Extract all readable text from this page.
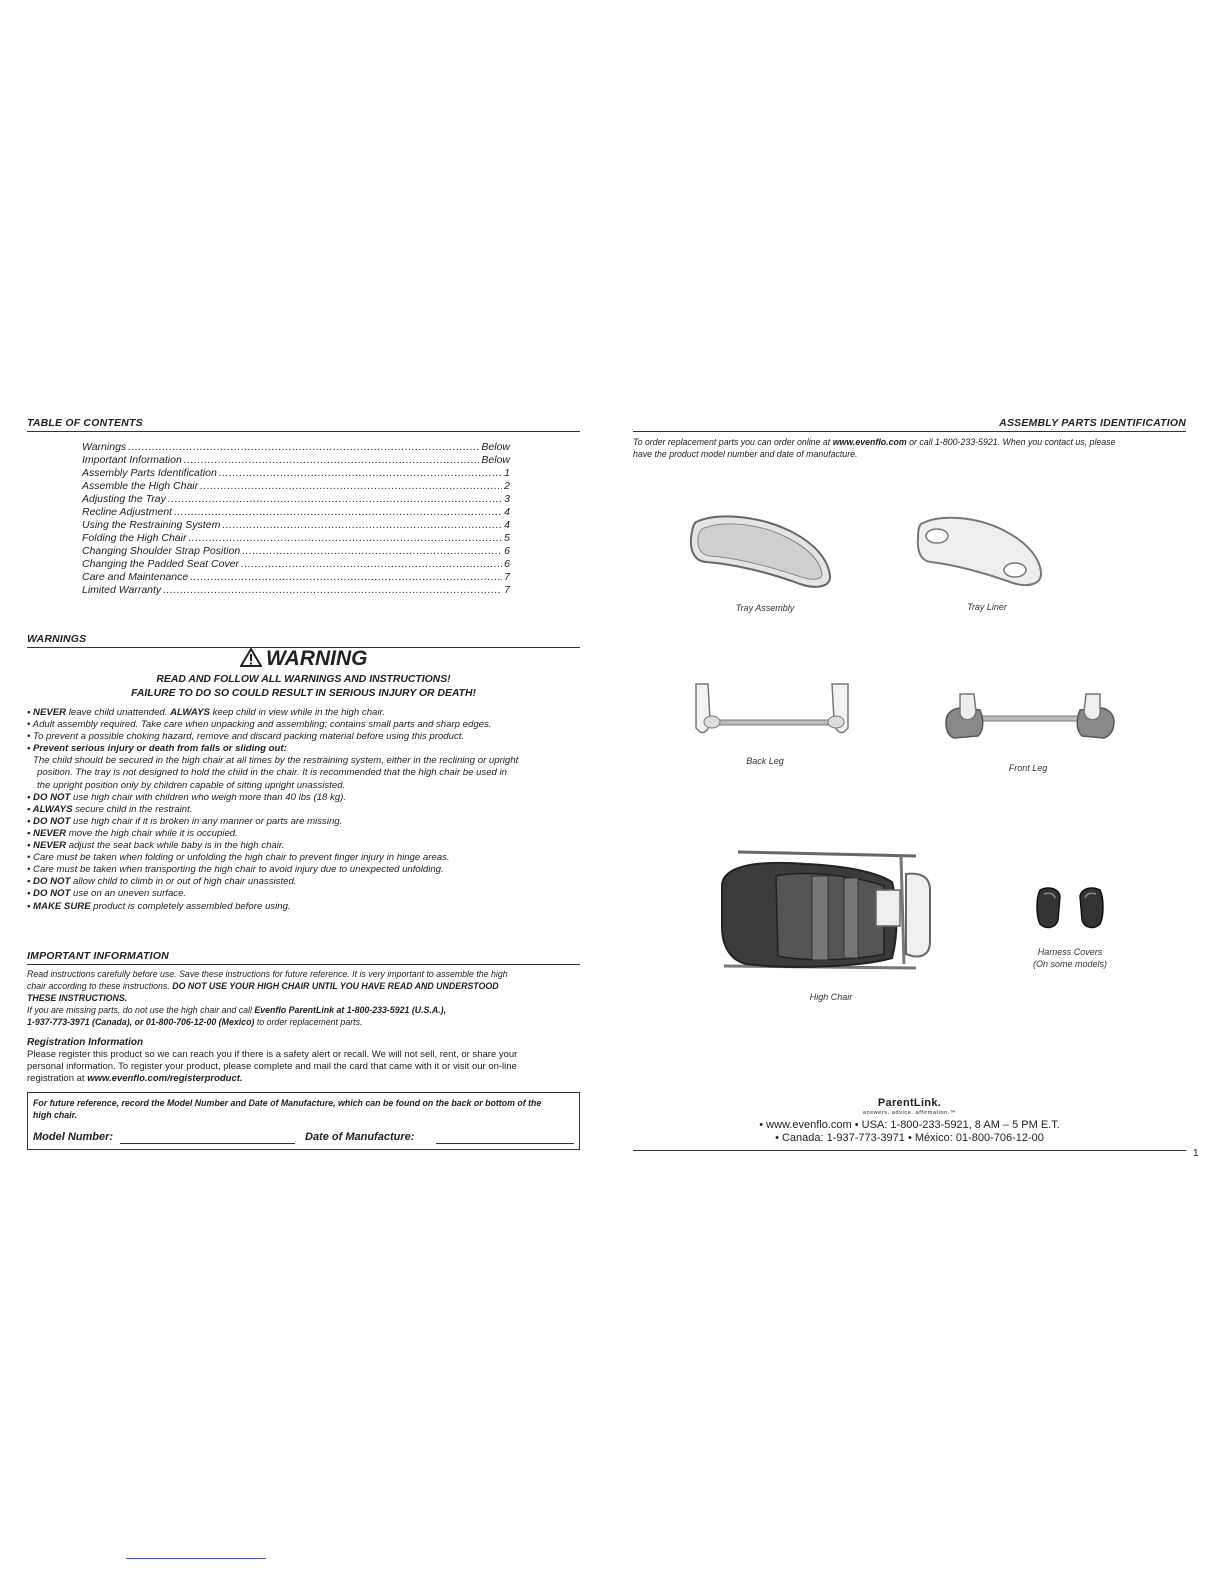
TABLE OF CONTENTS
Warnings .....	Below
Important Information .....	Below
Assembly Parts Identification .....	1
Assemble the High Chair .....	2
Adjusting the Tray .....	3
Recline Adjustment .....	4
Using the Restraining System .....	4
Folding the High Chair .....	5
Changing Shoulder Strap Position .....	6
Changing the Padded Seat Cover .....	6
Care and Maintenance .....	7
Limited Warranty .....	7
WARNINGS
WARNING
READ AND FOLLOW ALL WARNINGS AND INSTRUCTIONS!
FAILURE TO DO SO COULD RESULT IN SERIOUS INJURY OR DEATH!
• NEVER leave child unattended. ALWAYS keep child in view while in the high chair.
• Adult assembly required. Take care when unpacking and assembling; contains small parts and sharp edges.
• To prevent a possible choking hazard, remove and discard packing material before using this product.
• Prevent serious injury or death from falls or sliding out:
The child should be secured in the high chair at all times by the restraining system, either in the reclining or upright
position. The tray is not designed to hold the child in the chair. It is recommended that the high chair be used in
the upright position only by children capable of sitting upright unassisted.
• DO NOT use high chair with children who weigh more than 40 lbs (18 kg).
• ALWAYS secure child in the restraint.
• DO NOT use high chair if it is broken in any manner or parts are missing.
• NEVER move the high chair while it is occupied.
• NEVER adjust the seat back while baby is in the high chair.
• Care must be taken when folding or unfolding the high chair to prevent finger injury in hinge areas.
• Care must be taken when transporting the high chair to avoid injury due to unexpected unfolding.
• DO NOT allow child to climb in or out of high chair unassisted.
• DO NOT use on an uneven surface.
• MAKE SURE product is completely assembled before using.
IMPORTANT INFORMATION
Read instructions carefully before use. Save these instructions for future reference. It is very important to assemble the high
chair according to these instructions. DO NOT USE YOUR HIGH CHAIR UNTIL YOU HAVE READ AND UNDERSTOOD
THESE INSTRUCTIONS.
If you are missing parts, do not use the high chair and call Evenflo ParentLink at 1-800-233-5921 (U.S.A.),
1-937-773-3971 (Canada), or 01-800-706-12-00 (Mexico) to order replacement parts.
Registration Information
Please register this product so we can reach you if there is a safety alert or recall. We will not sell, rent, or share your
personal information. To register your product, please complete and mail the card that came with it or visit our on-line
registration at www.evenflo.com/registerproduct.
For future reference, record the Model Number and Date of Manufacture, which can be found on the back or bottom of the
high chair.
Model Number:	Date of Manufacture:
ASSEMBLY PARTS IDENTIFICATION
To order replacement parts you can order online at www.evenflo.com or call 1-800-233-5921. When you contact us, please
have the product model number and date of manufacture.
Tray Assembly	Tray Liner
Back Leg
Front Leg
High Chair
Harness Covers
(On some models)
ParentLink.
answers. advice. affirmation.™
• www.evenflo.com • USA: 1-800-233-5921, 8 AM – 5 PM E.T.
• Canada: 1-937-773-3971 • México: 01-800-706-12-00
1
